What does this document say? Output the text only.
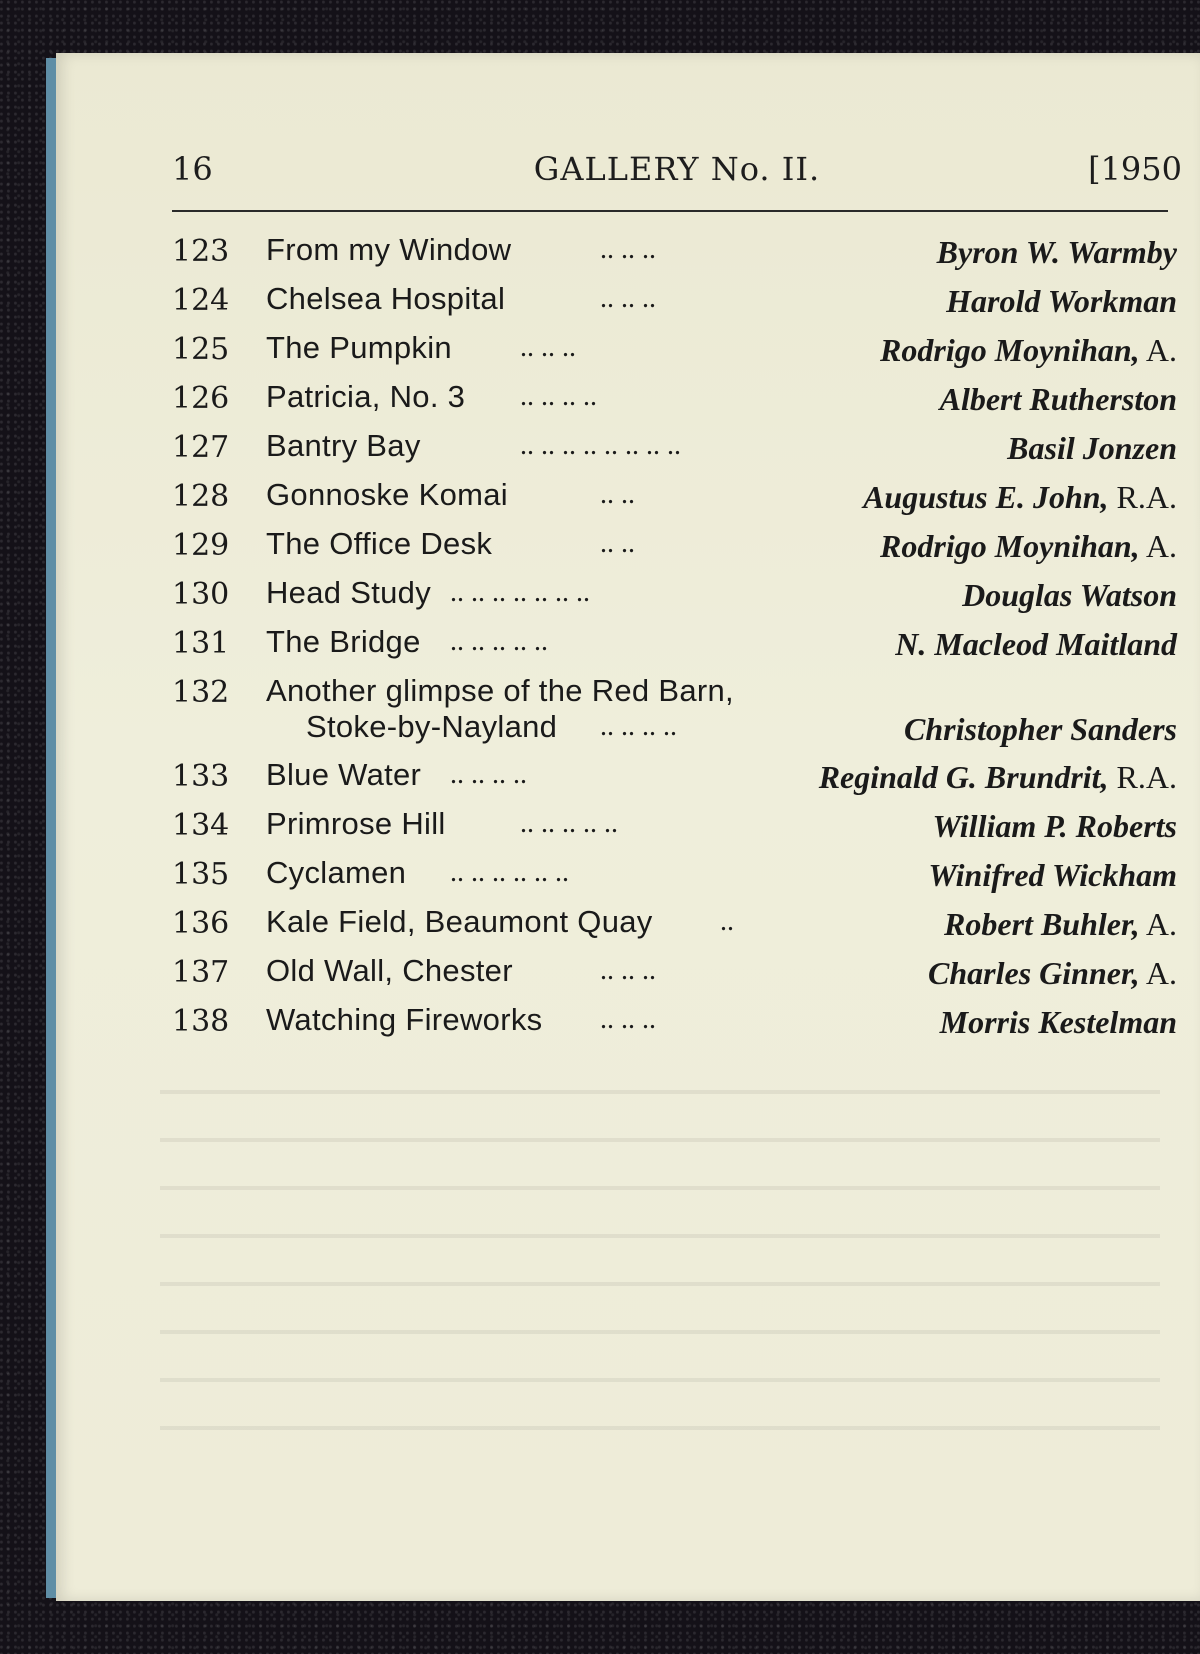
16	GALLERY No. II.	[1950
123 From my Window	.. .. ..	Byron W. Warmby
124 Chelsea Hospital	.. .. ..	Harold Workman
125 The Pumpkin .. .. ..	Rodrigo Moynihan, A.
126 Patricia, No. 3 .. .. .. ..	Albert Rutherston
127 Bantry Bay	.. .. .. .. .. .. .. ..	Basil Jonzen
128 Gonnoske Komai	.. ..	Augustus E. John, R.A.
129 The Office Desk	.. ..	Rodrigo Moynihan, A.
130 Head Study .. .. .. .. .. .. ..	Douglas Watson
131 The Bridge .. .. .. .. ..	N. Macleod Maitland
132 Another glimpse of the Red Barn,
Stoke-by-Nayland .. .. .. ..	Christopher Sanders
133 Blue Water .. .. .. ..	Reginald G. Brundrit, R.A.
134 Primrose Hill	.. .. .. .. ..	William P. Roberts
135 Cyclamen .. .. .. .. .. ..	Winifred Wickham
136 Kale Field, Beaumont Quay ..	Robert Buhler, A.
137 Old Wall, Chester	.. .. ..	Charles Ginner, A.
138 Watching Fireworks .. .. ..	Morris Kestelman
